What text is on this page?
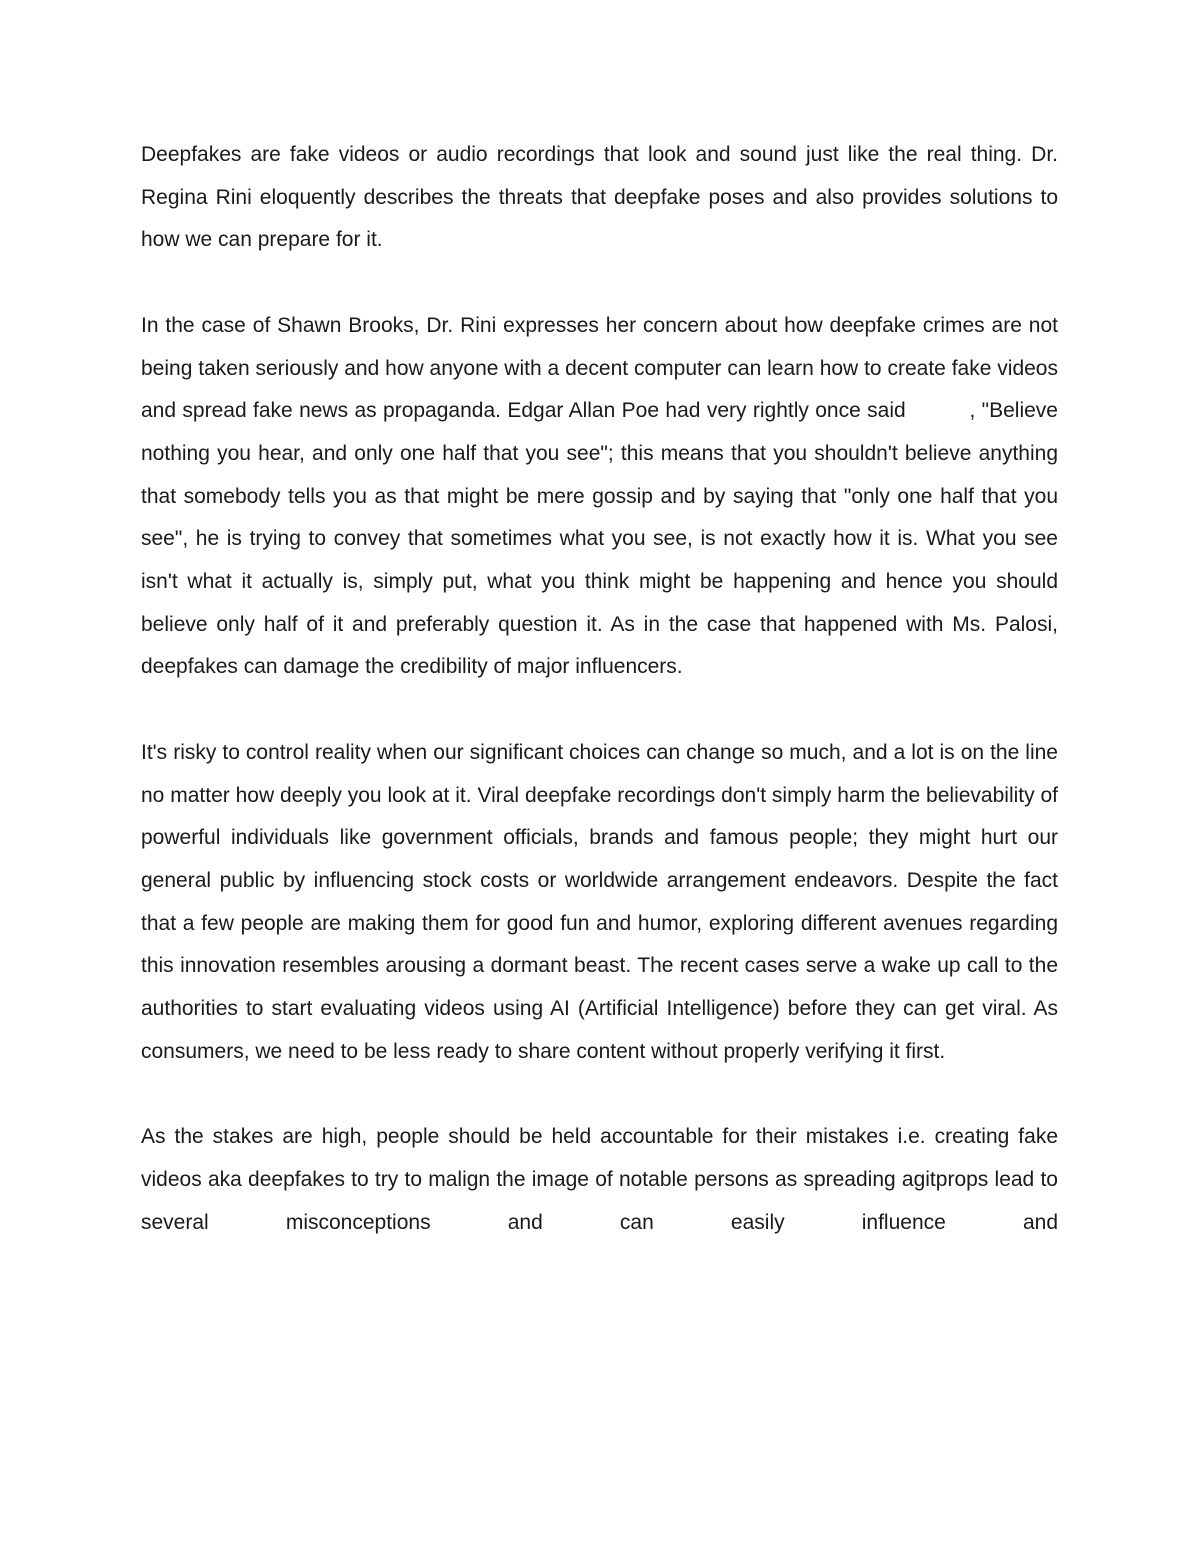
Deepfakes are fake videos or audio recordings that look and sound just like the real thing. Dr. Regina Rini eloquently describes the threats that deepfake poses and also provides solutions to how we can prepare for it.

In the case of Shawn Brooks, Dr. Rini expresses her concern about how deepfake crimes are not being taken seriously and how anyone with a decent computer can learn how to create fake videos and spread fake news as propaganda. Edgar Allan Poe had very rightly once said          , "Believe nothing you hear, and only one half that you see"; this means that you shouldn't believe anything that somebody tells you as that might be mere gossip and by saying that "only one half that you see", he is trying to convey that sometimes what you see, is not exactly how it is. What you see isn't what it actually is, simply put, what you think might be happening and hence you should believe only half of it and preferably question it. As in the case that happened with Ms. Palosi, deepfakes can damage the credibility of major influencers.

It's risky to control reality when our significant choices can change so much, and a lot is on the line no matter how deeply you look at it. Viral deepfake recordings don't simply harm the believability of powerful individuals like government officials, brands and famous people; they might hurt our general public by influencing stock costs or worldwide arrangement endeavors. Despite the fact that a few people are making them for good fun and humor, exploring different avenues regarding this innovation resembles arousing a dormant beast. The recent cases serve a wake up call to the authorities to start evaluating videos using AI (Artificial Intelligence) before they can get viral. As consumers, we need to be less ready to share content without properly verifying it first.

As the stakes are high, people should be held accountable for their mistakes i.e. creating fake videos aka deepfakes to try to malign the image of notable persons as spreading agitprops lead to several misconceptions and can easily influence and
